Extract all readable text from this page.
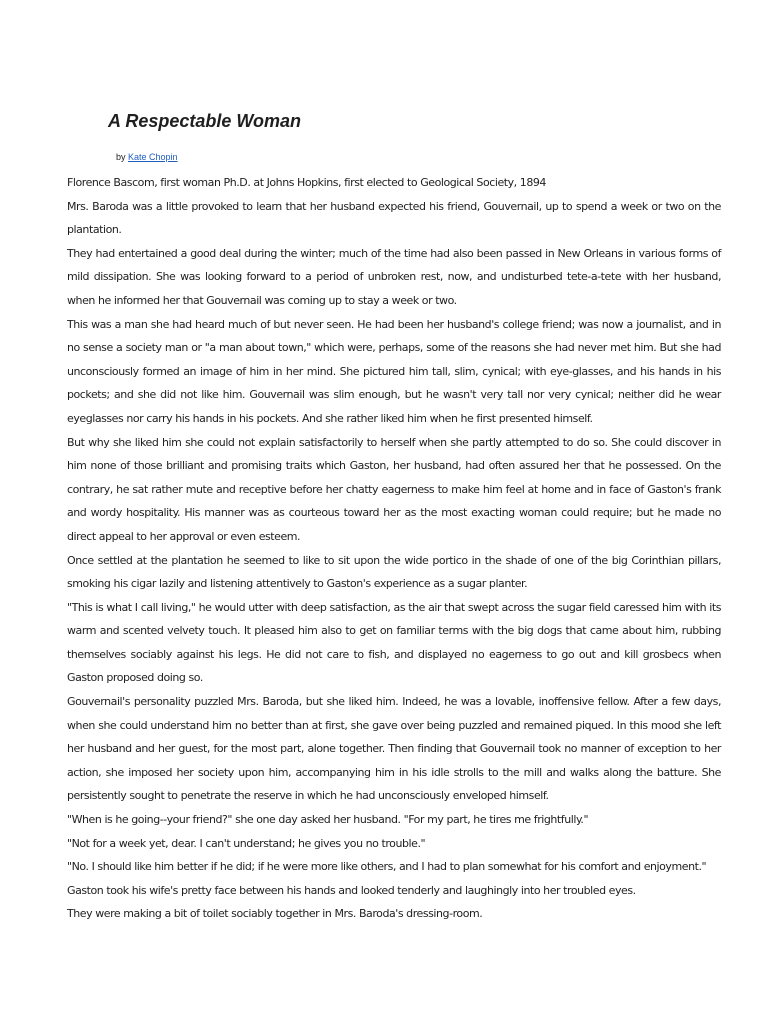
A Respectable Woman
by Kate Chopin

Florence Bascom, first woman Ph.D. at Johns Hopkins, first elected to Geological Society, 1894

Mrs. Baroda was a little provoked to learn that her husband expected his friend, Gouvernail, up to spend a week or two on the plantation.

They had entertained a good deal during the winter; much of the time had also been passed in New Orleans in various forms of mild dissipation. She was looking forward to a period of unbroken rest, now, and undisturbed tete-a-tete with her husband, when he informed her that Gouvernail was coming up to stay a week or two.

This was a man she had heard much of but never seen. He had been her husband's college friend; was now a journalist, and in no sense a society man or "a man about town," which were, perhaps, some of the reasons she had never met him. But she had unconsciously formed an image of him in her mind. She pictured him tall, slim, cynical; with eye-glasses, and his hands in his pockets; and she did not like him. Gouvernail was slim enough, but he wasn't very tall nor very cynical; neither did he wear eyeglasses nor carry his hands in his pockets. And she rather liked him when he first presented himself.

But why she liked him she could not explain satisfactorily to herself when she partly attempted to do so. She could discover in him none of those brilliant and promising traits which Gaston, her husband, had often assured her that he possessed. On the contrary, he sat rather mute and receptive before her chatty eagerness to make him feel at home and in face of Gaston's frank and wordy hospitality. His manner was as courteous toward her as the most exacting woman could require; but he made no direct appeal to her approval or even esteem.

Once settled at the plantation he seemed to like to sit upon the wide portico in the shade of one of the big Corinthian pillars, smoking his cigar lazily and listening attentively to Gaston's experience as a sugar planter.

"This is what I call living," he would utter with deep satisfaction, as the air that swept across the sugar field caressed him with its warm and scented velvety touch. It pleased him also to get on familiar terms with the big dogs that came about him, rubbing themselves sociably against his legs. He did not care to fish, and displayed no eagerness to go out and kill grosbecs when Gaston proposed doing so.

Gouvernail's personality puzzled Mrs. Baroda, but she liked him. Indeed, he was a lovable, inoffensive fellow. After a few days, when she could understand him no better than at first, she gave over being puzzled and remained piqued. In this mood she left her husband and her guest, for the most part, alone together. Then finding that Gouvernail took no manner of exception to her action, she imposed her society upon him, accompanying him in his idle strolls to the mill and walks along the batture. She persistently sought to penetrate the reserve in which he had unconsciously enveloped himself.

"When is he going--your friend?" she one day asked her husband. "For my part, he tires me frightfully."

"Not for a week yet, dear. I can't understand; he gives you no trouble."

"No. I should like him better if he did; if he were more like others, and I had to plan somewhat for his comfort and enjoyment."

Gaston took his wife's pretty face between his hands and looked tenderly and laughingly into her troubled eyes.

They were making a bit of toilet sociably together in Mrs. Baroda's dressing-room.
